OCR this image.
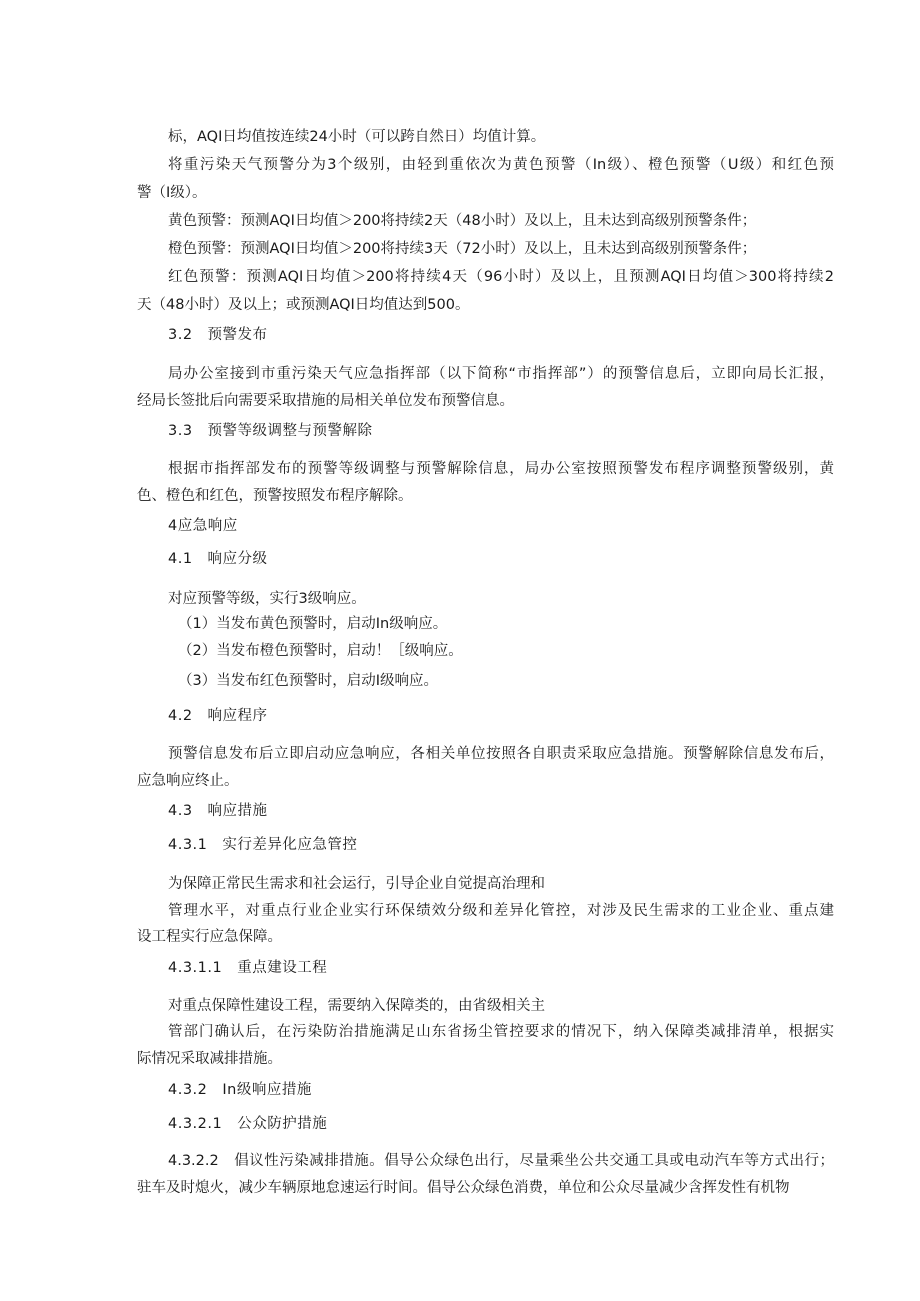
标，AQI日均值按连续24小时（可以跨自然日）均值计算。

将重污染天气预警分为3个级别，由轻到重依次为黄色预警（In级）、橙色预警（U级）和红色预

警（I级）。

黄色预警：预测AQI日均值＞200将持续2天（48小时）及以上，且未达到高级别预警条件；

橙色预警：预测AQI日均值＞200将持续3天（72小时）及以上，且未达到高级别预警条件；

红色预警：预测AQI日均值＞200将持续4天（96小时）及以上，且预测AQI日均值＞300将持续2

天（48小时）及以上；或预测AQI日均值达到500。

3.2　预警发布

局办公室接到市重污染天气应急指挥部（以下简称“市指挥部”）的预警信息后，立即向局长汇报，

经局长签批后向需要采取措施的局相关单位发布预警信息。

3.3　预警等级调整与预警解除

根据市指挥部发布的预警等级调整与预警解除信息，局办公室按照预警发布程序调整预警级别，黄

色、橙色和红色，预警按照发布程序解除。

4应急响应

4.1　响应分级

对应预警等级，实行3级响应。

（1）当发布黄色预警时，启动In级响应。

（2）当发布橙色预警时，启动！［级响应。

（3）当发布红色预警时，启动I级响应。

4.2　响应程序

预警信息发布后立即启动应急响应，各相关单位按照各自职责采取应急措施。预警解除信息发布后，

应急响应终止。

4.3　响应措施

4.3.1　实行差异化应急管控

为保障正常民生需求和社会运行，引导企业自觉提高治理和

管理水平，对重点行业企业实行环保绩效分级和差异化管控，对涉及民生需求的工业企业、重点建

设工程实行应急保障。

4.3.1.1　重点建设工程

对重点保障性建设工程，需要纳入保障类的，由省级相关主

管部门确认后，在污染防治措施满足山东省扬尘管控要求的情况下，纳入保障类减排清单，根据实

际情况采取减排措施。

4.3.2　In级响应措施

4.3.2.1　公众防护措施

4.3.2.2　倡议性污染减排措施。倡导公众绿色出行，尽量乘坐公共交通工具或电动汽车等方式出行；

驻车及时熄火，减少车辆原地怠速运行时间。倡导公众绿色消费，单位和公众尽量减少含挥发性有机物
